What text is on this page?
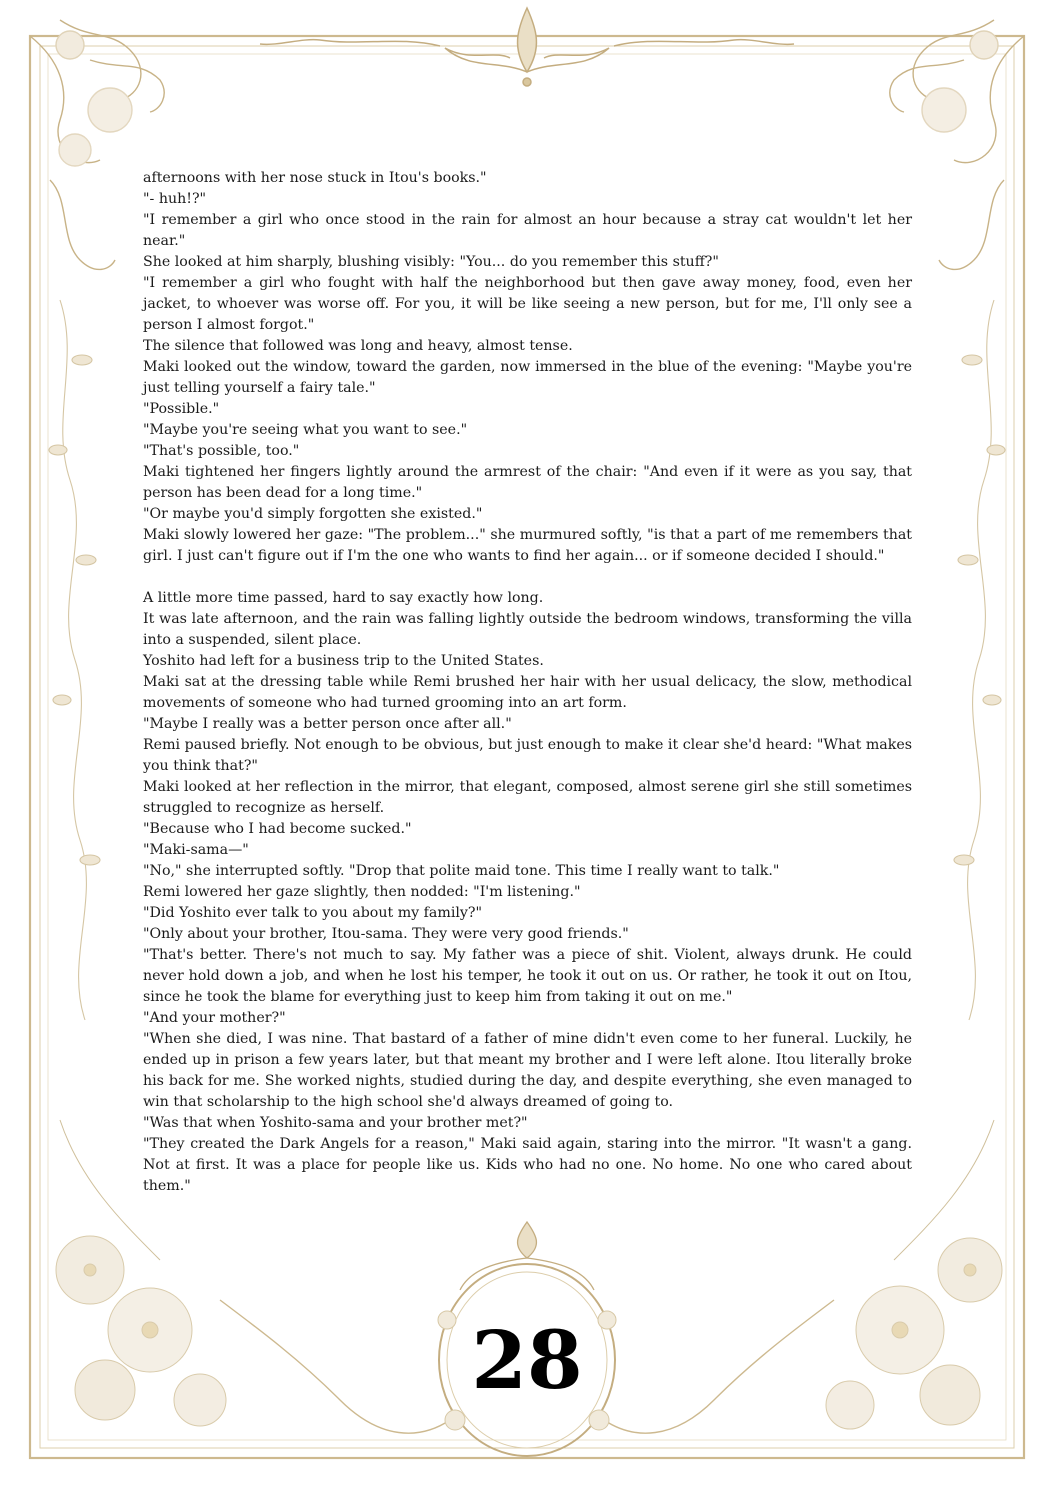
afternoons with her nose stuck in Itou's books."

"- huh!?"

"I remember a girl who once stood in the rain for almost an hour because a stray cat wouldn't let her near."

She looked at him sharply, blushing visibly: "You... do you remember this stuff?"

"I remember a girl who fought with half the neighborhood but then gave away money, food, even her jacket, to whoever was worse off. For you, it will be like seeing a new person, but for me, I'll only see a person I almost forgot."

The silence that followed was long and heavy, almost tense.

Maki looked out the window, toward the garden, now immersed in the blue of the evening: "Maybe you're just telling yourself a fairy tale."

"Possible."

"Maybe you're seeing what you want to see."

"That's possible, too."

Maki tightened her fingers lightly around the armrest of the chair: "And even if it were as you say, that person has been dead for a long time."

"Or maybe you'd simply forgotten she existed."

Maki slowly lowered her gaze: "The problem..." she murmured softly, "is that a part of me remembers that girl. I just can't figure out if I'm the one who wants to find her again... or if someone decided I should."

A little more time passed, hard to say exactly how long.

It was late afternoon, and the rain was falling lightly outside the bedroom windows, transforming the villa into a suspended, silent place.

Yoshito had left for a business trip to the United States.

Maki sat at the dressing table while Remi brushed her hair with her usual delicacy, the slow, methodical movements of someone who had turned grooming into an art form.

"Maybe I really was a better person once after all."

Remi paused briefly. Not enough to be obvious, but just enough to make it clear she'd heard: "What makes you think that?"

Maki looked at her reflection in the mirror, that elegant, composed, almost serene girl she still sometimes struggled to recognize as herself.

"Because who I had become sucked."

"Maki-sama—"

"No," she interrupted softly. "Drop that polite maid tone. This time I really want to talk."

Remi lowered her gaze slightly, then nodded: "I'm listening."

"Did Yoshito ever talk to you about my family?"

"Only about your brother, Itou-sama. They were very good friends."

"That's better. There's not much to say. My father was a piece of shit. Violent, always drunk. He could never hold down a job, and when he lost his temper, he took it out on us. Or rather, he took it out on Itou, since he took the blame for everything just to keep him from taking it out on me."

"And your mother?"

"When she died, I was nine. That bastard of a father of mine didn't even come to her funeral. Luckily, he ended up in prison a few years later, but that meant my brother and I were left alone. Itou literally broke his back for me. She worked nights, studied during the day, and despite everything, she even managed to win that scholarship to the high school she'd always dreamed of going to.

"Was that when Yoshito-sama and your brother met?"

"They created the Dark Angels for a reason," Maki said again, staring into the mirror. "It wasn't a gang. Not at first. It was a place for people like us. Kids who had no one. No home. No one who cared about them."

28
